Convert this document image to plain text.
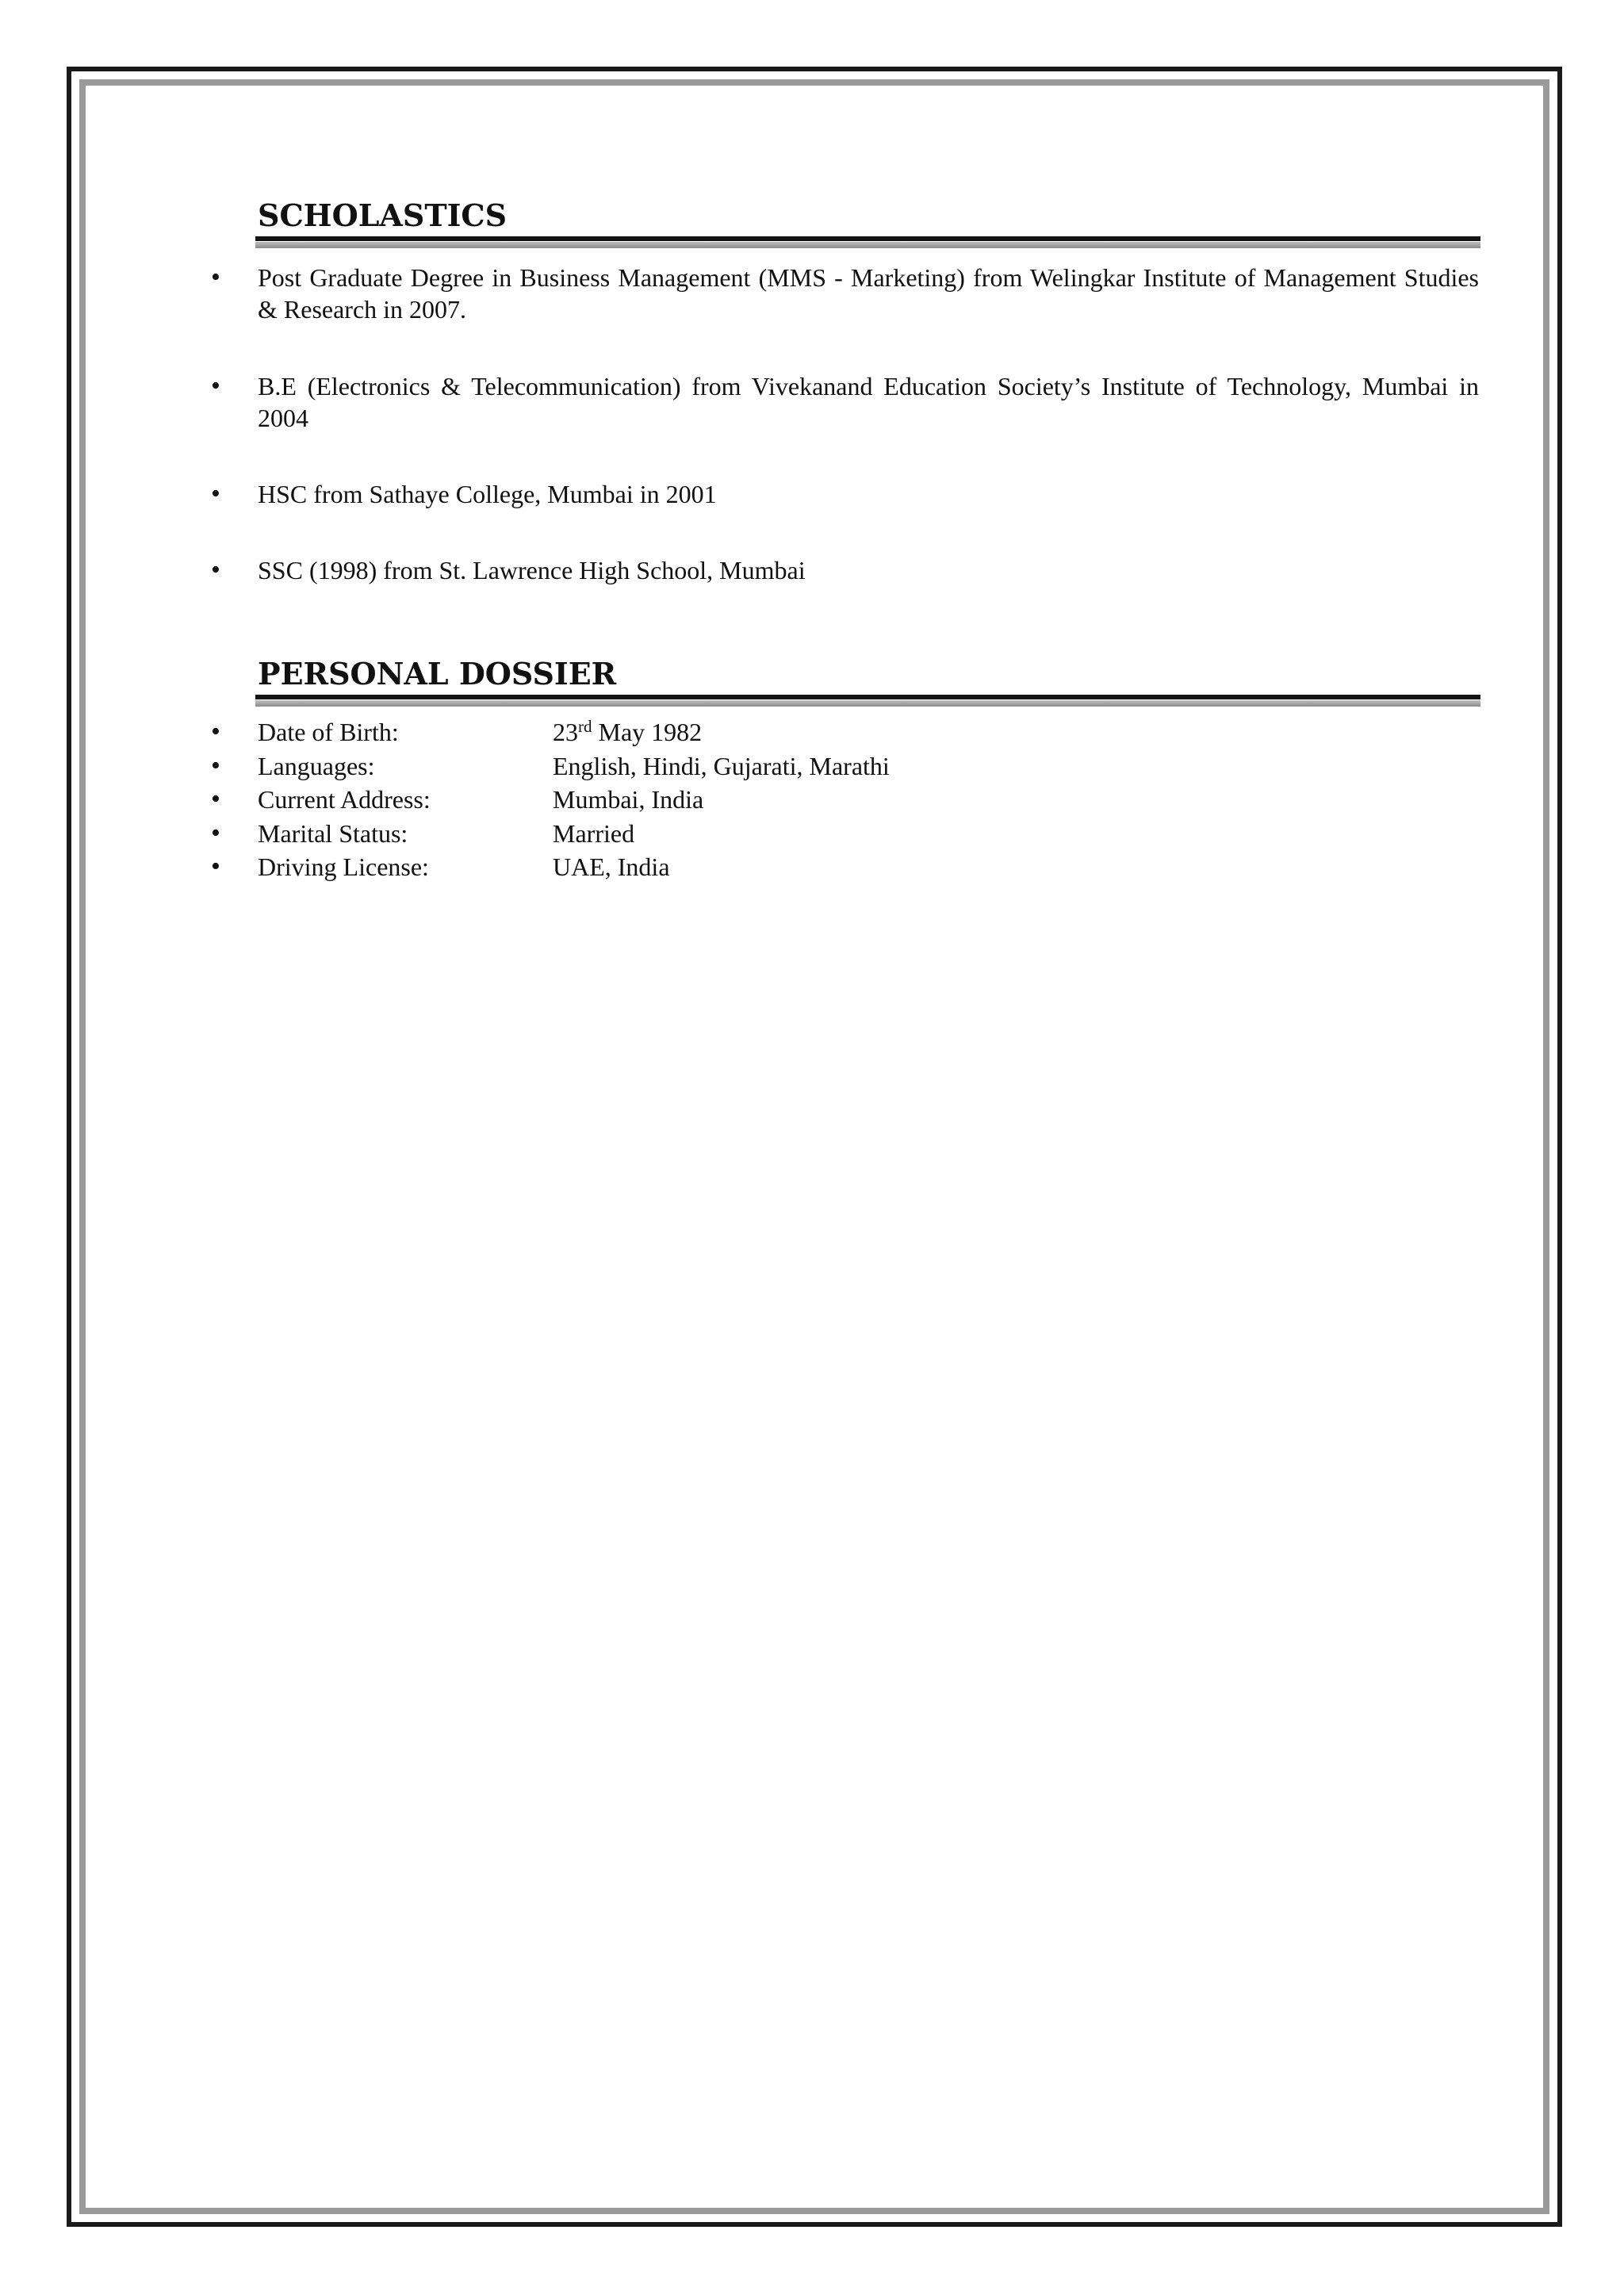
SCHOLASTICS
• Post Graduate Degree in Business Management (MMS - Marketing) from Welingkar Institute of Management Studies & Research in 2007.
• B.E (Electronics & Telecommunication) from Vivekanand Education Society’s Institute of Technology, Mumbai in 2004
• HSC from Sathaye College, Mumbai in 2001
• SSC (1998) from St. Lawrence High School, Mumbai
PERSONAL DOSSIER
• Date of Birth:	23rd May 1982
• Languages:	English, Hindi, Gujarati, Marathi
• Current Address:	Mumbai, India
• Marital Status:	Married
• Driving License:	UAE, India
